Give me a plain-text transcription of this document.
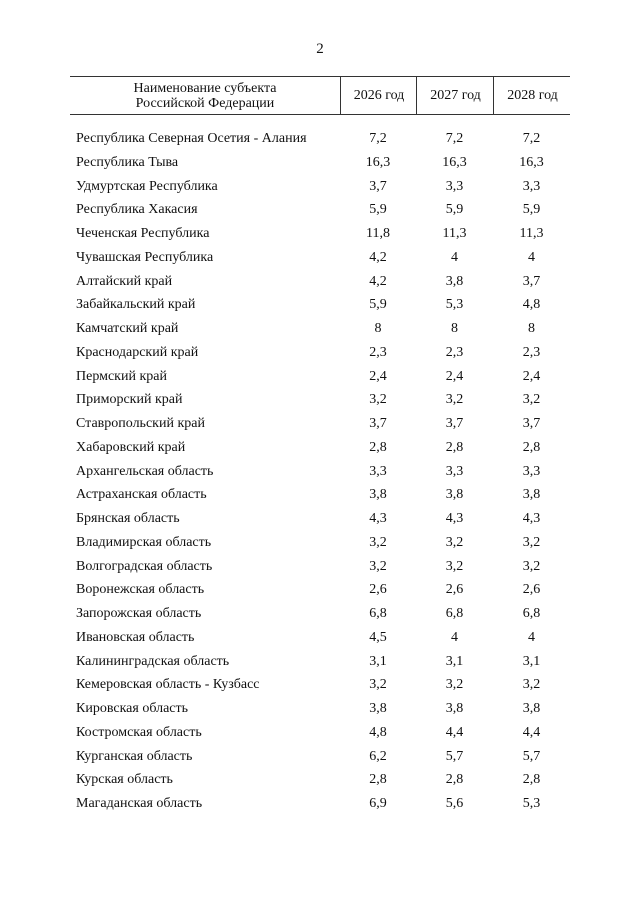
2
Наименование субъекта
Российской Федерации	2026 год	2027 год	2028 год
Республика Северная Осетия - Алания	7,2	7,2	7,2
Республика Тыва	16,3	16,3	16,3
Удмуртская Республика	3,7	3,3	3,3
Республика Хакасия	5,9	5,9	5,9
Чеченская Республика	11,8	11,3	11,3
Чувашская Республика	4,2	4	4
Алтайский край	4,2	3,8	3,7
Забайкальский край	5,9	5,3	4,8
Камчатский край	8	8	8
Краснодарский край	2,3	2,3	2,3
Пермский край	2,4	2,4	2,4
Приморский край	3,2	3,2	3,2
Ставропольский край	3,7	3,7	3,7
Хабаровский край	2,8	2,8	2,8
Архангельская область	3,3	3,3	3,3
Астраханская область	3,8	3,8	3,8
Брянская область	4,3	4,3	4,3
Владимирская область	3,2	3,2	3,2
Волгоградская область	3,2	3,2	3,2
Воронежская область	2,6	2,6	2,6
Запорожская область	6,8	6,8	6,8
Ивановская область	4,5	4	4
Калининградская область	3,1	3,1	3,1
Кемеровская область - Кузбасс	3,2	3,2	3,2
Кировская область	3,8	3,8	3,8
Костромская область	4,8	4,4	4,4
Курганская область	6,2	5,7	5,7
Курская область	2,8	2,8	2,8
Магаданская область	6,9	5,6	5,3
